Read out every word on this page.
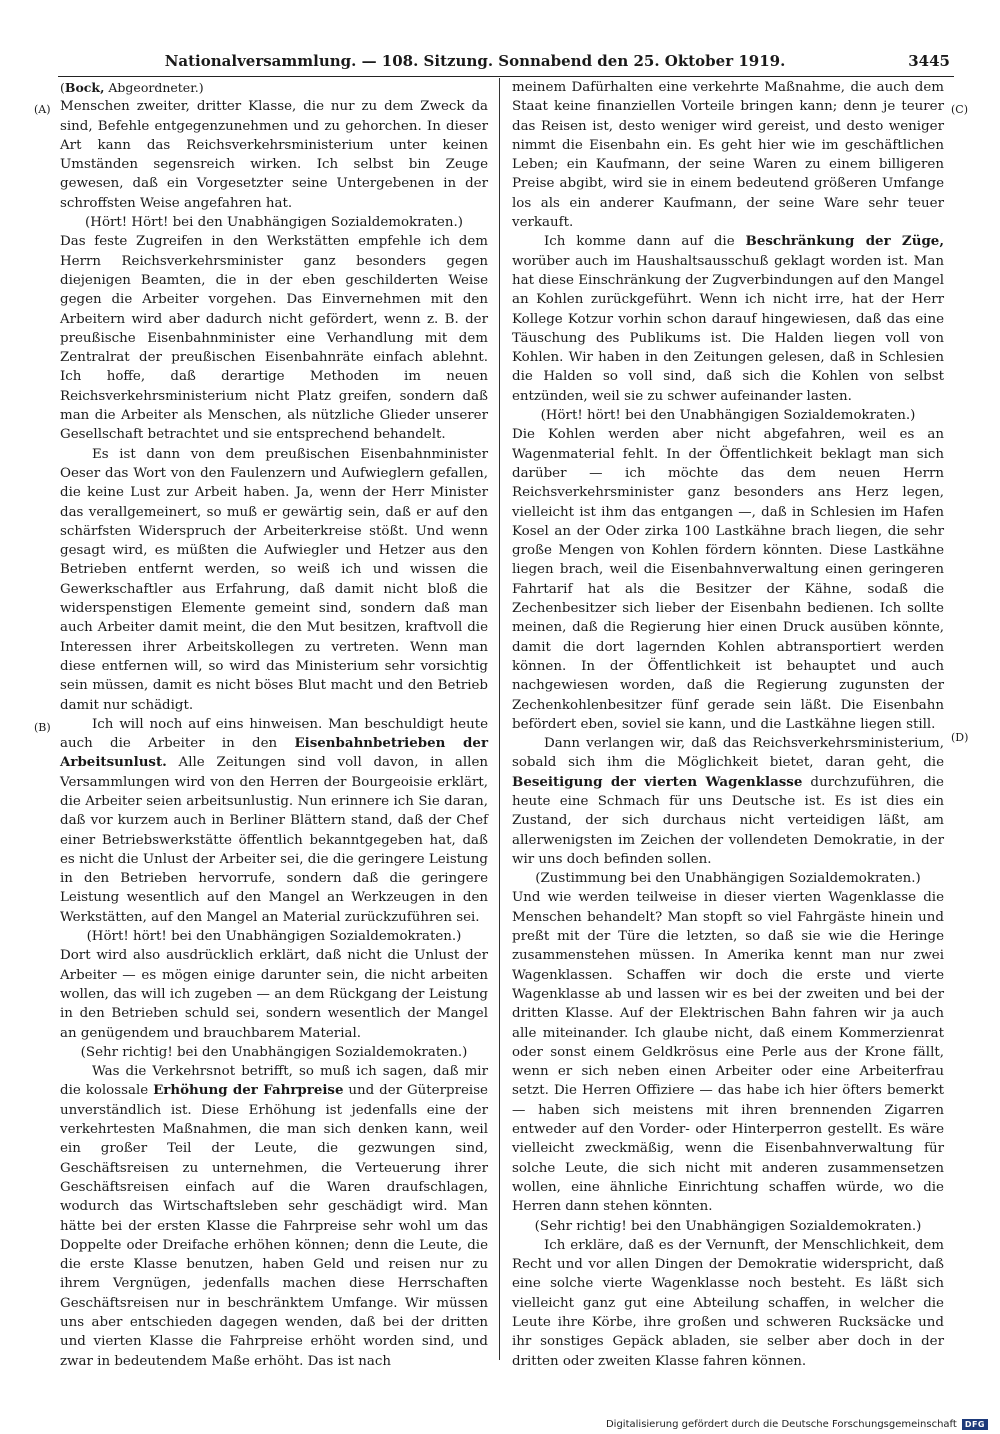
Nationalversammlung. — 108. Sitzung. Sonnabend den 25. Oktober 1919.	3445
(A)
(B)
(C)
(D)

(Bock, Abgeordneter.)

Menschen zweiter, dritter Klasse, die nur zu dem Zweck da sind, Befehle entgegenzunehmen und zu gehorchen. In dieser Art kann das Reichsverkehrsministerium unter keinen Umständen segensreich wirken. Ich selbst bin Zeuge gewesen, daß ein Vorgesetzter seine Untergebenen in der schroffsten Weise angefahren hat.

(Hört! Hört! bei den Unabhängigen Sozialdemokraten.)

Das feste Zugreifen in den Werkstätten empfehle ich dem Herrn Reichsverkehrsminister ganz besonders gegen diejenigen Beamten, die in der eben geschilderten Weise gegen die Arbeiter vorgehen. Das Einvernehmen mit den Arbeitern wird aber dadurch nicht gefördert, wenn z. B. der preußische Eisenbahnminister eine Verhandlung mit dem Zentralrat der preußischen Eisenbahnräte einfach ablehnt. Ich hoffe, daß derartige Methoden im neuen Reichsverkehrsministerium nicht Platz greifen, sondern daß man die Arbeiter als Menschen, als nützliche Glieder unserer Gesellschaft betrachtet und sie entsprechend behandelt.

Es ist dann von dem preußischen Eisenbahnminister Oeser das Wort von den Faulenzern und Aufwieglern gefallen, die keine Lust zur Arbeit haben. Ja, wenn der Herr Minister das verallgemeinert, so muß er gewärtig sein, daß er auf den schärfsten Widerspruch der Arbeiterkreise stößt. Und wenn gesagt wird, es müßten die Aufwiegler und Hetzer aus den Betrieben entfernt werden, so weiß ich und wissen die Gewerkschaftler aus Erfahrung, daß damit nicht bloß die widerspenstigen Elemente gemeint sind, sondern daß man auch Arbeiter damit meint, die den Mut besitzen, kraftvoll die Interessen ihrer Arbeitskollegen zu vertreten. Wenn man diese entfernen will, so wird das Ministerium sehr vorsichtig sein müssen, damit es nicht böses Blut macht und den Betrieb damit nur schädigt.

Ich will noch auf eins hinweisen. Man beschuldigt heute auch die Arbeiter in den Eisenbahnbetrieben der Arbeitsunlust. Alle Zeitungen sind voll davon, in allen Versammlungen wird von den Herren der Bourgeoisie erklärt, die Arbeiter seien arbeitsunlustig. Nun erinnere ich Sie daran, daß vor kurzem auch in Berliner Blättern stand, daß der Chef einer Betriebswerkstätte öffentlich bekanntgegeben hat, daß es nicht die Unlust der Arbeiter sei, die die geringere Leistung in den Betrieben hervorrufe, sondern daß die geringere Leistung wesentlich auf den Mangel an Werkzeugen in den Werkstätten, auf den Mangel an Material zurückzuführen sei.

(Hört! hört! bei den Unabhängigen Sozialdemokraten.)

Dort wird also ausdrücklich erklärt, daß nicht die Unlust der Arbeiter — es mögen einige darunter sein, die nicht arbeiten wollen, das will ich zugeben — an dem Rückgang der Leistung in den Betrieben schuld sei, sondern wesentlich der Mangel an genügendem und brauchbarem Material.

(Sehr richtig! bei den Unabhängigen Sozialdemokraten.)

Was die Verkehrsnot betrifft, so muß ich sagen, daß mir die kolossale Erhöhung der Fahrpreise und der Güterpreise unverständlich ist. Diese Erhöhung ist jedenfalls eine der verkehrtesten Maßnahmen, die man sich denken kann, weil ein großer Teil der Leute, die gezwungen sind, Geschäftsreisen zu unternehmen, die Verteuerung ihrer Geschäftsreisen einfach auf die Waren draufschlagen, wodurch das Wirtschaftsleben sehr geschädigt wird. Man hätte bei der ersten Klasse die Fahrpreise sehr wohl um das Doppelte oder Dreifache erhöhen können; denn die Leute, die die erste Klasse benutzen, haben Geld und reisen nur zu ihrem Vergnügen, jedenfalls machen diese Herrschaften Geschäftsreisen nur in beschränktem Umfange. Wir müssen uns aber entschieden dagegen wenden, daß bei der dritten und vierten Klasse die Fahrpreise erhöht worden sind, und zwar in bedeutendem Maße erhöht. Das ist nach

meinem Dafürhalten eine verkehrte Maßnahme, die auch dem Staat keine finanziellen Vorteile bringen kann; denn je teurer das Reisen ist, desto weniger wird gereist, und desto weniger nimmt die Eisenbahn ein. Es geht hier wie im geschäftlichen Leben; ein Kaufmann, der seine Waren zu einem billigeren Preise abgibt, wird sie in einem bedeutend größeren Umfange los als ein anderer Kaufmann, der seine Ware sehr teuer verkauft.

Ich komme dann auf die Beschränkung der Züge, worüber auch im Haushaltsausschuß geklagt worden ist. Man hat diese Einschränkung der Zugverbindungen auf den Mangel an Kohlen zurückgeführt. Wenn ich nicht irre, hat der Herr Kollege Kotzur vorhin schon darauf hingewiesen, daß das eine Täuschung des Publikums ist. Die Halden liegen voll von Kohlen. Wir haben in den Zeitungen gelesen, daß in Schlesien die Halden so voll sind, daß sich die Kohlen von selbst entzünden, weil sie zu schwer aufeinander lasten.

(Hört! hört! bei den Unabhängigen Sozialdemokraten.)

Die Kohlen werden aber nicht abgefahren, weil es an Wagenmaterial fehlt. In der Öffentlichkeit beklagt man sich darüber — ich möchte das dem neuen Herrn Reichsverkehrsminister ganz besonders ans Herz legen, vielleicht ist ihm das entgangen —, daß in Schlesien im Hafen Kosel an der Oder zirka 100 Lastkähne brach liegen, die sehr große Mengen von Kohlen fördern könnten. Diese Lastkähne liegen brach, weil die Eisenbahnverwaltung einen geringeren Fahrtarif hat als die Besitzer der Kähne, sodaß die Zechenbesitzer sich lieber der Eisenbahn bedienen. Ich sollte meinen, daß die Regierung hier einen Druck ausüben könnte, damit die dort lagernden Kohlen abtransportiert werden können. In der Öffentlichkeit ist behauptet und auch nachgewiesen worden, daß die Regierung zugunsten der Zechenkohlenbesitzer fünf gerade sein läßt. Die Eisenbahn befördert eben, soviel sie kann, und die Lastkähne liegen still.

Dann verlangen wir, daß das Reichsverkehrsministerium, sobald sich ihm die Möglichkeit bietet, daran geht, die Beseitigung der vierten Wagenklasse durchzuführen, die heute eine Schmach für uns Deutsche ist. Es ist dies ein Zustand, der sich durchaus nicht verteidigen läßt, am allerwenigsten im Zeichen der vollendeten Demokratie, in der wir uns doch befinden sollen.

(Zustimmung bei den Unabhängigen Sozialdemokraten.)

Und wie werden teilweise in dieser vierten Wagenklasse die Menschen behandelt? Man stopft so viel Fahrgäste hinein und preßt mit der Türe die letzten, so daß sie wie die Heringe zusammenstehen müssen. In Amerika kennt man nur zwei Wagenklassen. Schaffen wir doch die erste und vierte Wagenklasse ab und lassen wir es bei der zweiten und bei der dritten Klasse. Auf der Elektrischen Bahn fahren wir ja auch alle miteinander. Ich glaube nicht, daß einem Kommerzienrat oder sonst einem Geldkrösus eine Perle aus der Krone fällt, wenn er sich neben einen Arbeiter oder eine Arbeiterfrau setzt. Die Herren Offiziere — das habe ich hier öfters bemerkt — haben sich meistens mit ihren brennenden Zigarren entweder auf den Vorder- oder Hinterperron gestellt. Es wäre vielleicht zweckmäßig, wenn die Eisenbahnverwaltung für solche Leute, die sich nicht mit anderen zusammensetzen wollen, eine ähnliche Einrichtung schaffen würde, wo die Herren dann stehen könnten.

(Sehr richtig! bei den Unabhängigen Sozialdemokraten.)

Ich erkläre, daß es der Vernunft, der Menschlichkeit, dem Recht und vor allen Dingen der Demokratie widerspricht, daß eine solche vierte Wagenklasse noch besteht. Es läßt sich vielleicht ganz gut eine Abteilung schaffen, in welcher die Leute ihre Körbe, ihre großen und schweren Rucksäcke und ihr sonstiges Gepäck abladen, sie selber aber doch in der dritten oder zweiten Klasse fahren können.

Digitalisierung gefördert durch die Deutsche Forschungsgemeinschaft	DFG
